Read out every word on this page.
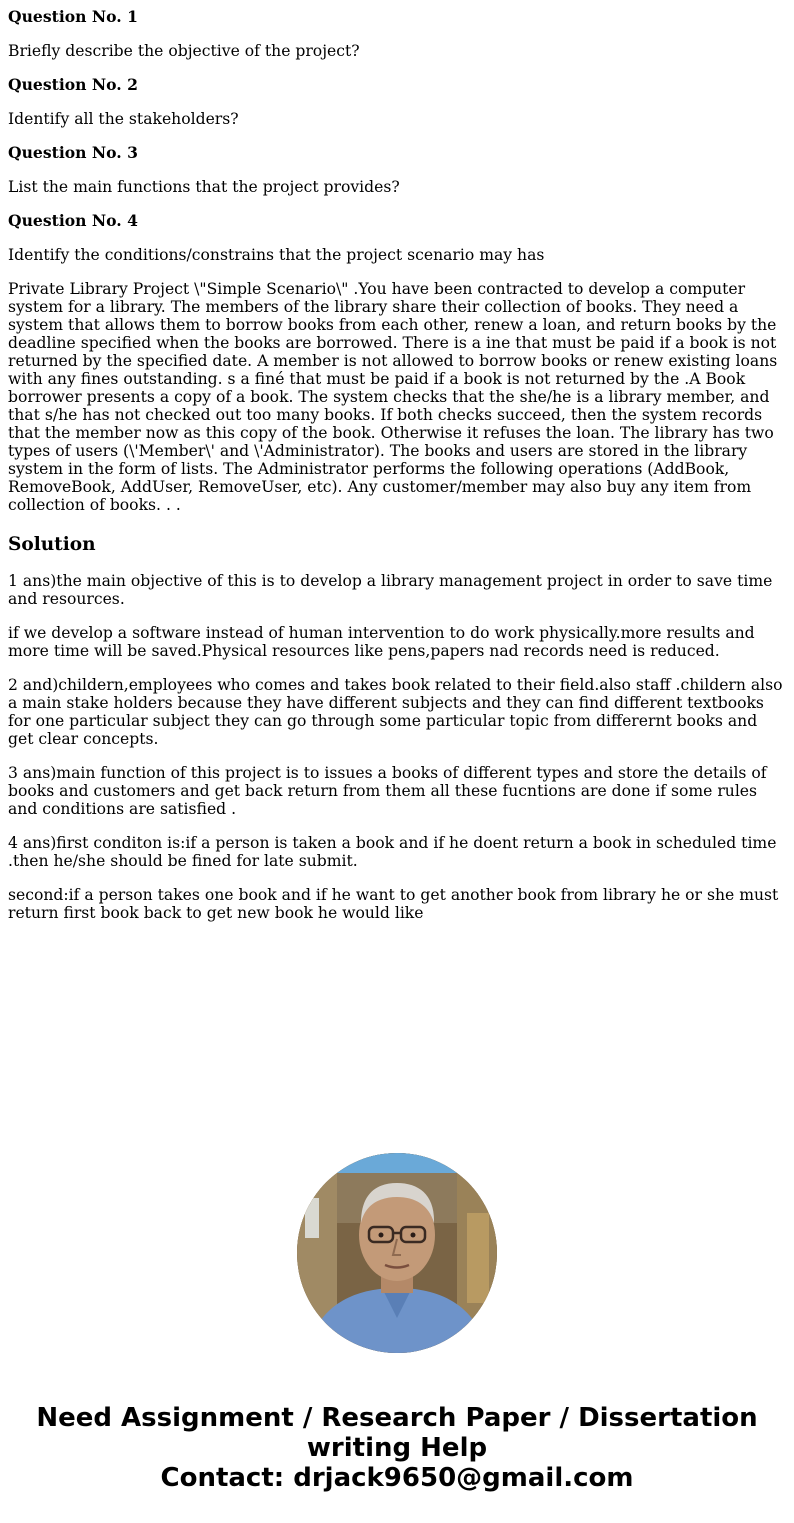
Question No. 1

Briefly describe the objective of the project?

Question No. 2

Identify all the stakeholders?

Question No. 3

List the main functions that the project provides?

Question No. 4

Identify the conditions/constrains that the project scenario may has

Private Library Project \"Simple Scenario\" .You have been contracted to develop a computer system for a library. The members of the library share their collection of books. They need a system that allows them to borrow books from each other, renew a loan, and return books by the deadline specified when the books are borrowed. There is a ine that must be paid if a book is not returned by the specified date. A member is not allowed to borrow books or renew existing loans with any fines outstanding. s a finé that must be paid if a book is not returned by the .A Book borrower presents a copy of a book. The system checks that the she/he is a library member, and that s/he has not checked out too many books. If both checks succeed, then the system records that the member now as this copy of the book. Otherwise it refuses the loan. The library has two types of users (\'Member\' and \'Administrator). The books and users are stored in the library system in the form of lists. The Administrator performs the following operations (AddBook, RemoveBook, AddUser, RemoveUser, etc). Any customer/member may also buy any item from collection of books. . .

Solution

1 ans)the main objective of this is to develop a library management project in order to save time and resources.

if we develop a software instead of human intervention to do work physically.more results and more time will be saved.Physical resources like pens,papers nad records need is reduced.

2 and)childern,employees who comes and takes book related to their field.also staff .childern also a main stake holders because they have different subjects and they can find different textbooks for one particular subject they can go through some particular topic from differernt books and get clear concepts.

3 ans)main function of this project is to issues a books of different types and store the details of books and customers and get back return from them all these fucntions are done if some rules and conditions are satisfied .

4 ans)first conditon is:if a person is taken a book and if he doent return a book in scheduled time .then he/she should be fined for late submit.

second:if a person takes one book and if he want to get another book from library he or she must return first book back to get new book he would like

Need Assignment / Research Paper / Dissertation
writing Help
Contact: drjack9650@gmail.com
